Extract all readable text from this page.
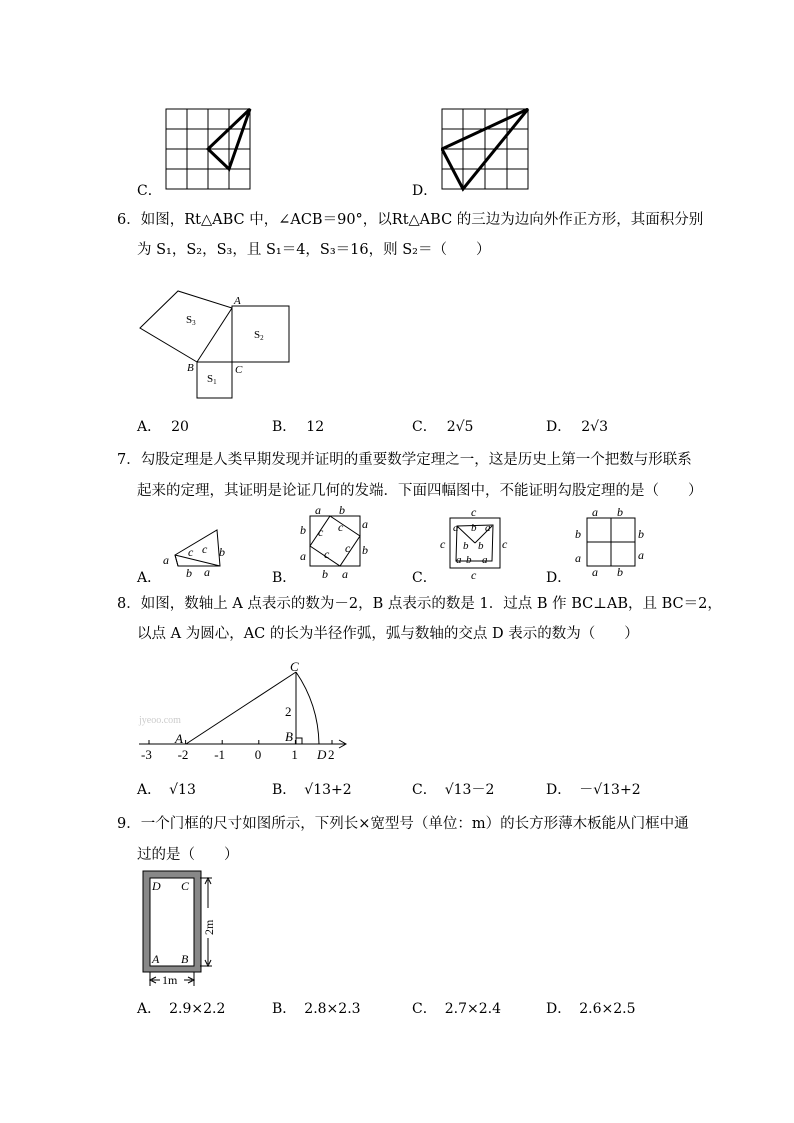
C．	D．
6．如图，Rt△ABC 中，∠ACB＝90°，以Rt△ABC 的三边为边向外作正方形，其面积分别
为 S₁，S₂，S₃，且 S₁＝4，S₃＝16，则 S₂＝（　　）
S3
S2
S1
A
B	C
A． 20	B． 12	C． 2√5	D． 2√3
7．勾股定理是人类早期发现并证明的重要数学定理之一，这是历史上第一个把数与形联系
起来的定理，其证明是论证几何的发端．下面四幅图中，不能证明勾股定理的是（　　）
a
b a
b
c c
A．
a b
a
b
a
b
a
b c c
c
c
B．
c
c
c
c
a b a
b b
a b a
C．
a b
b
a
a b
b
a
D．
8．如图，数轴上 A 点表示的数为－2，B 点表示的数是 1．过点 B 作 BC⊥AB，且 BC＝2，
以点 A 为圆心，AC 的长为半径作弧，弧与数轴的交点 D 表示的数为（　　）
jyeoo.com
-3 -2 -1 0 1 2
C
A	B
D
2
A． √13	B． √13+2	C． √13－2	D． －√13+2
9．一个门框的尺寸如图所示，下列长×宽型号（单位：m）的长方形薄木板能从门框中通
过的是（　　）
D C
A B
2m
1m
A． 2.9×2.2	B． 2.8×2.3	C． 2.7×2.4	D． 2.6×2.5
